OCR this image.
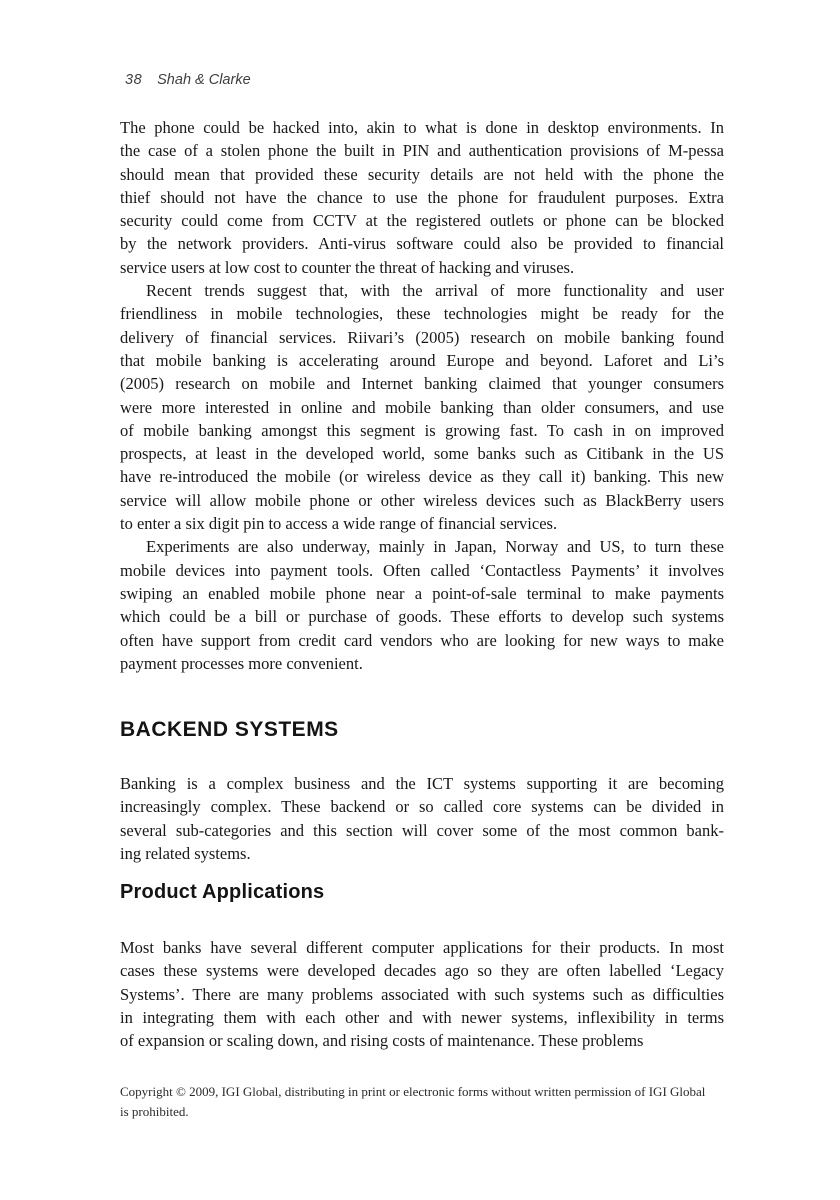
38 Shah & Clarke
The phone could be hacked into, akin to what is done in desktop environments. In
the case of a stolen phone the built in PIN and authentication provisions of M-pessa
should mean that provided these security details are not held with the phone the
thief should not have the chance to use the phone for fraudulent purposes. Extra
security could come from CCTV at the registered outlets or phone can be blocked
by the network providers. Anti-virus software could also be provided to financial
service users at low cost to counter the threat of hacking and viruses.
Recent trends suggest that, with the arrival of more functionality and user
friendliness in mobile technologies, these technologies might be ready for the
delivery of financial services. Riivari’s (2005) research on mobile banking found
that mobile banking is accelerating around Europe and beyond. Laforet and Li’s
(2005) research on mobile and Internet banking claimed that younger consumers
were more interested in online and mobile banking than older consumers, and use
of mobile banking amongst this segment is growing fast. To cash in on improved
prospects, at least in the developed world, some banks such as Citibank in the US
have re-introduced the mobile (or wireless device as they call it) banking. This new
service will allow mobile phone or other wireless devices such as BlackBerry users
to enter a six digit pin to access a wide range of financial services.
Experiments are also underway, mainly in Japan, Norway and US, to turn these
mobile devices into payment tools. Often called ‘Contactless Payments’ it involves
swiping an enabled mobile phone near a point-of-sale terminal to make payments
which could be a bill or purchase of goods. These efforts to develop such systems
often have support from credit card vendors who are looking for new ways to make
payment processes more convenient.
BACKEND SYSTEMS
Banking is a complex business and the ICT systems supporting it are becoming
increasingly complex. These backend or so called core systems can be divided in
several sub-categories and this section will cover some of the most common bank-
ing related systems.
Product Applications
Most banks have several different computer applications for their products. In most
cases these systems were developed decades ago so they are often labelled ‘Legacy
Systems’. There are many problems associated with such systems such as difficulties
in integrating them with each other and with newer systems, inflexibility in terms
of expansion or scaling down, and rising costs of maintenance. These problems
Copyright © 2009, IGI Global, distributing in print or electronic forms without written permission of IGI Global
is prohibited.
